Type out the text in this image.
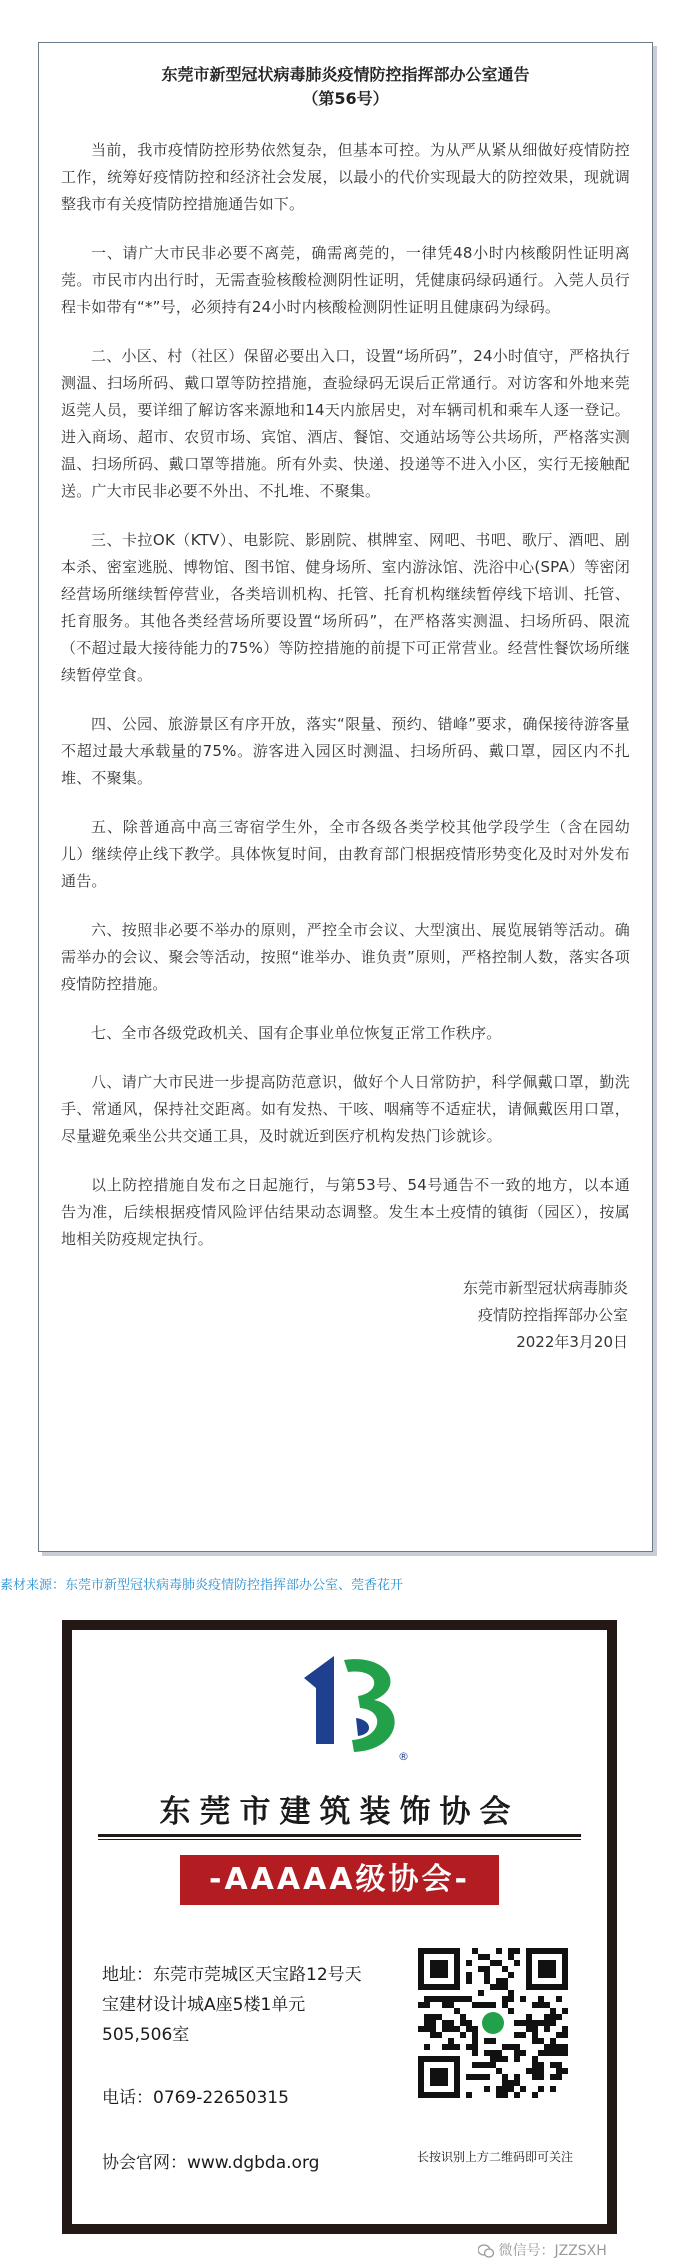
东莞市新型冠状病毒肺炎疫情防控指挥部办公室通告
（第56号）

当前，我市疫情防控形势依然复杂，但基本可控。为从严从紧从细做好疫情防控工作，统筹好疫情防控和经济社会发展，以最小的代价实现最大的防控效果，现就调整我市有关疫情防控措施通告如下。

一、请广大市民非必要不离莞，确需离莞的，一律凭48小时内核酸阴性证明离莞。市民市内出行时，无需查验核酸检测阴性证明，凭健康码绿码通行。入莞人员行程卡如带有“*”号，必须持有24小时内核酸检测阴性证明且健康码为绿码。

二、小区、村（社区）保留必要出入口，设置“场所码”，24小时值守，严格执行测温、扫场所码、戴口罩等防控措施，查验绿码无误后正常通行。对访客和外地来莞返莞人员，要详细了解访客来源地和14天内旅居史，对车辆司机和乘车人逐一登记。进入商场、超市、农贸市场、宾馆、酒店、餐馆、交通站场等公共场所，严格落实测温、扫场所码、戴口罩等措施。所有外卖、快递、投递等不进入小区，实行无接触配送。广大市民非必要不外出、不扎堆、不聚集。

三、卡拉OK（KTV）、电影院、影剧院、棋牌室、网吧、书吧、歌厅、酒吧、剧本杀、密室逃脱、博物馆、图书馆、健身场所、室内游泳馆、洗浴中心(SPA）等密闭经营场所继续暂停营业，各类培训机构、托管、托育机构继续暂停线下培训、托管、托育服务。其他各类经营场所要设置“场所码”，在严格落实测温、扫场所码、限流（不超过最大接待能力的75%）等防控措施的前提下可正常营业。经营性餐饮场所继续暂停堂食。

四、公园、旅游景区有序开放，落实“限量、预约、错峰”要求，确保接待游客量不超过最大承载量的75%。游客进入园区时测温、扫场所码、戴口罩，园区内不扎堆、不聚集。

五、除普通高中高三寄宿学生外，全市各级各类学校其他学段学生（含在园幼儿）继续停止线下教学。具体恢复时间，由教育部门根据疫情形势变化及时对外发布通告。

六、按照非必要不举办的原则，严控全市会议、大型演出、展览展销等活动。确需举办的会议、聚会等活动，按照“谁举办、谁负责”原则，严格控制人数，落实各项疫情防控措施。

七、全市各级党政机关、国有企事业单位恢复正常工作秩序。

八、请广大市民进一步提高防范意识，做好个人日常防护，科学佩戴口罩，勤洗手、常通风，保持社交距离。如有发热、干咳、咽痛等不适症状，请佩戴医用口罩，尽量避免乘坐公共交通工具，及时就近到医疗机构发热门诊就诊。

以上防控措施自发布之日起施行，与第53号、54号通告不一致的地方，以本通告为准，后续根据疫情风险评估结果动态调整。发生本土疫情的镇街（园区），按属地相关防疫规定执行。

东莞市新型冠状病毒肺炎
疫情防控指挥部办公室
2022年3月20日
素材来源：东莞市新型冠状病毒肺炎疫情防控指挥部办公室、莞香花开
®
东莞市建筑装饰协会
-AAAAA级协会-
地址：东莞市莞城区天宝路12号天宝建材设计城A座5楼1单元505,506室
电话：0769-22650315
协会官网：www.dgbda.org	长按识别上方二维码即可关注
微信号：JZZSXH
